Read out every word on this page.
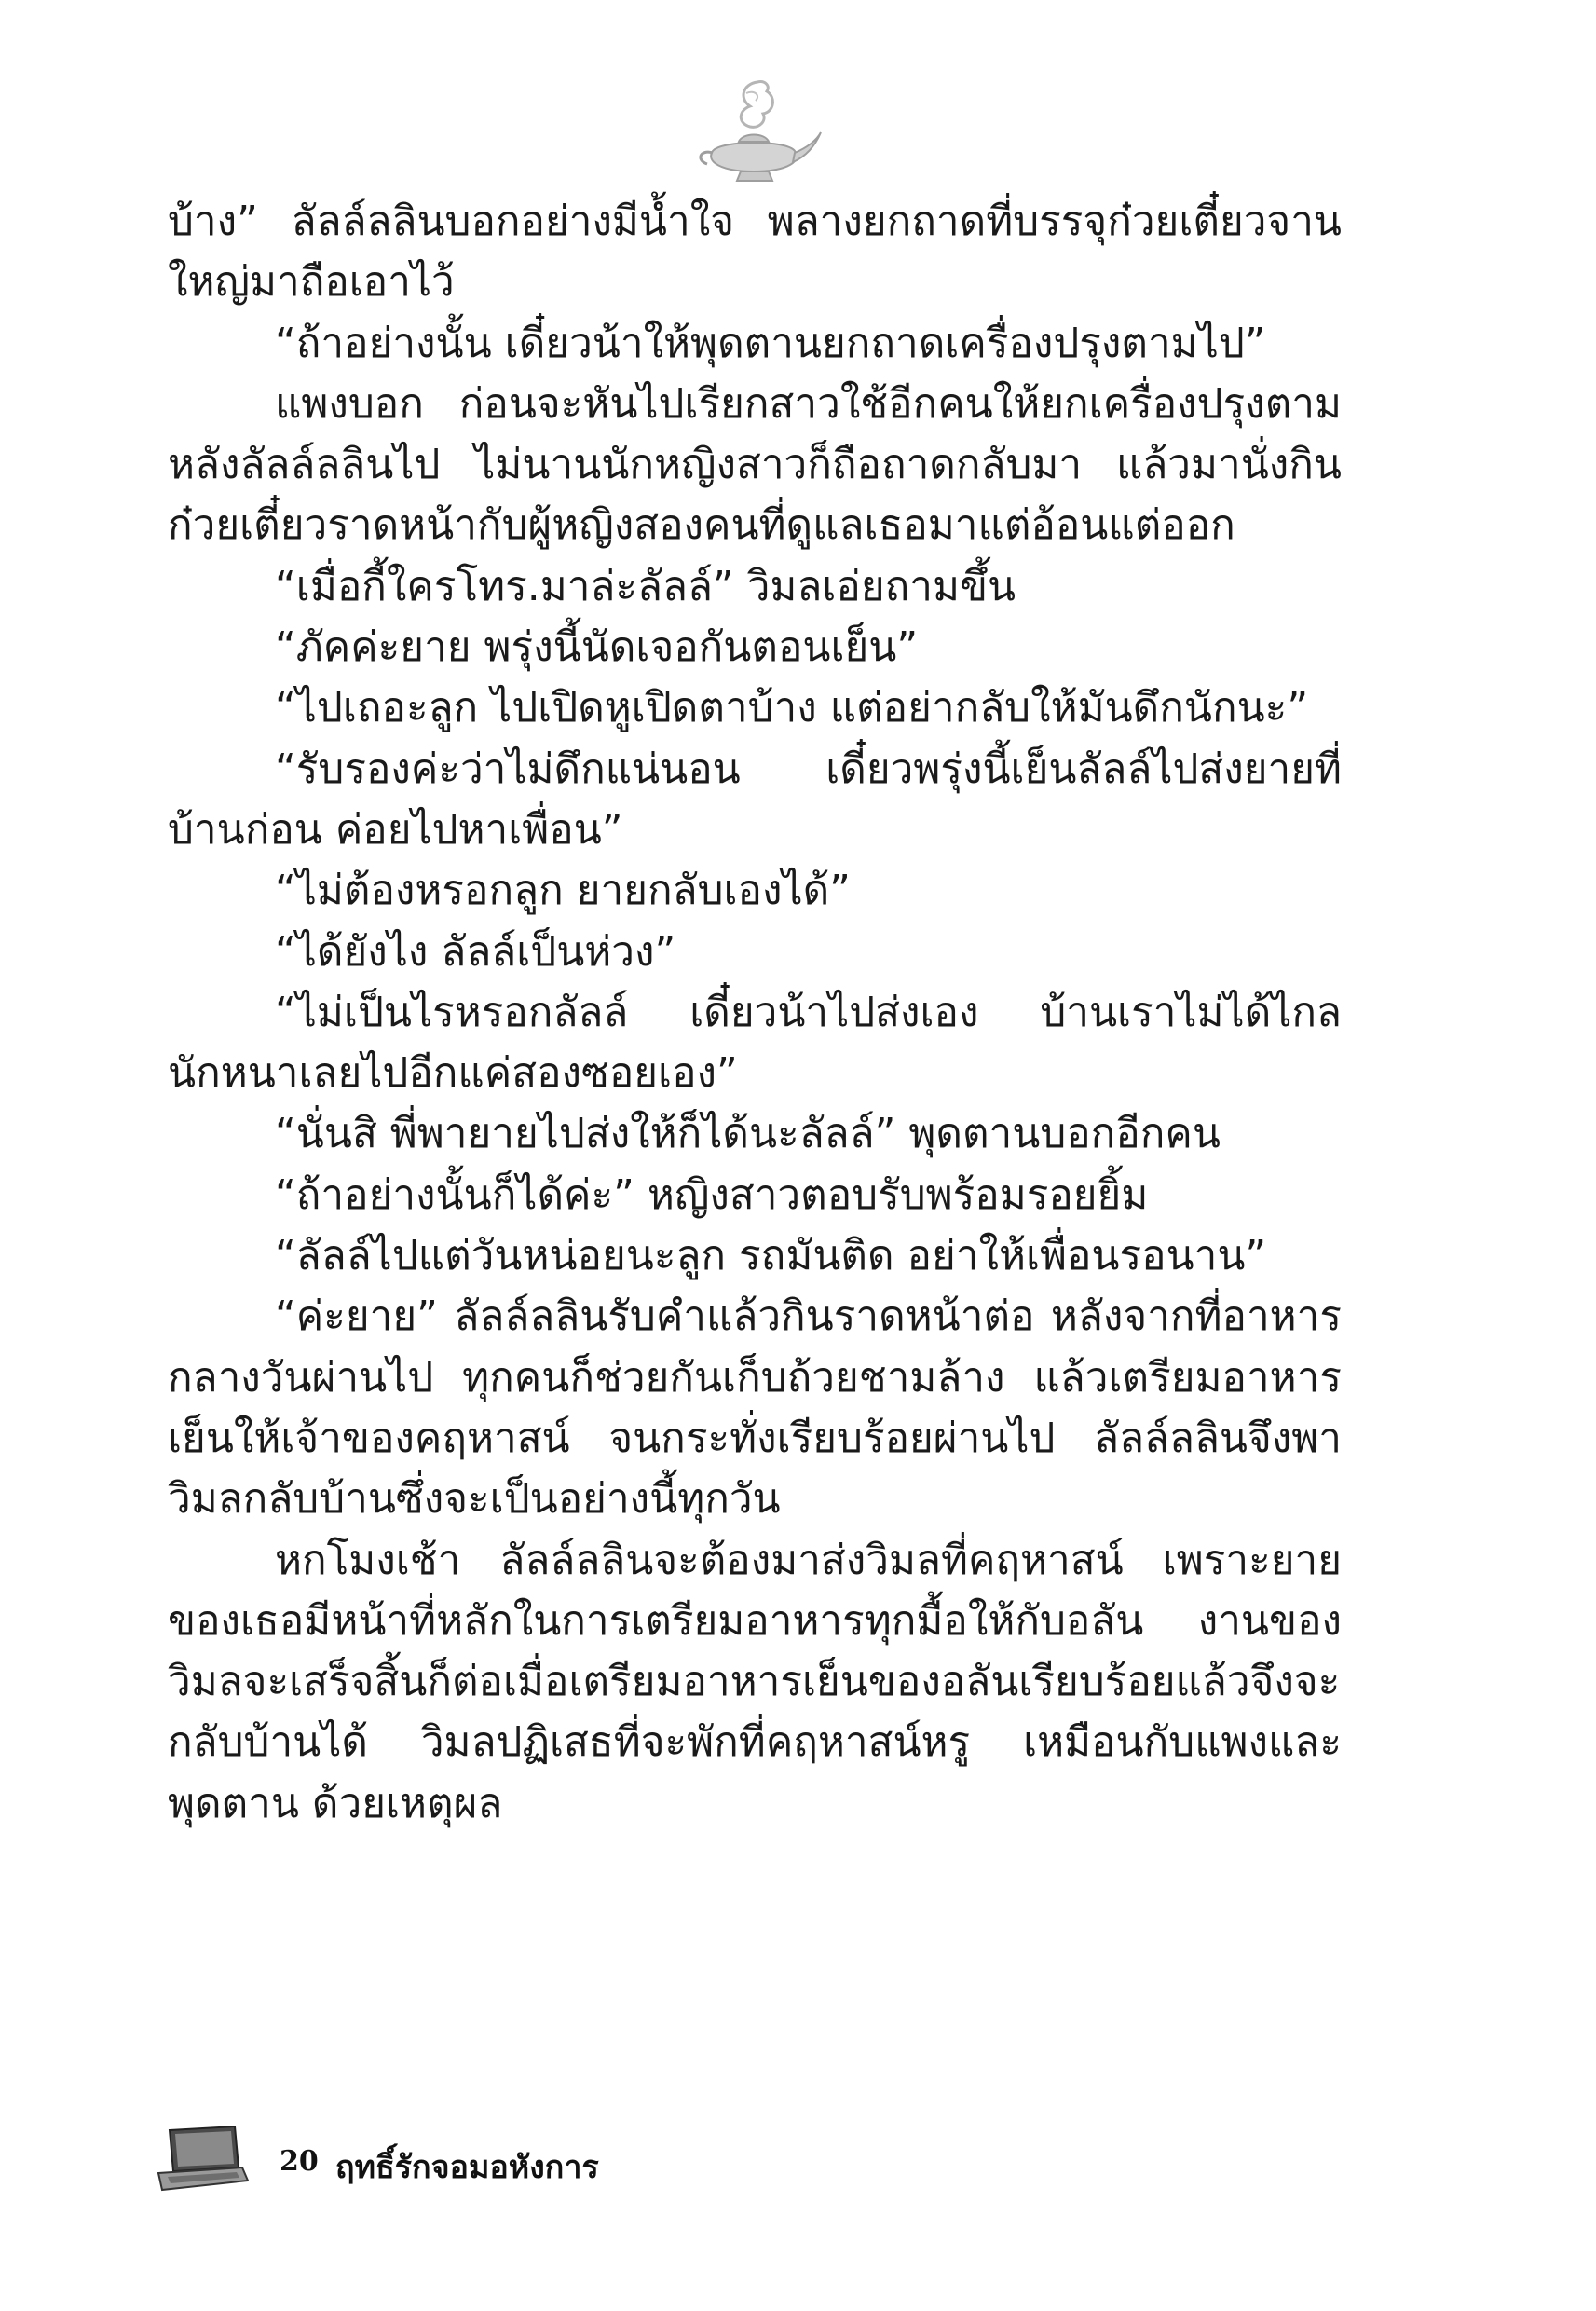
บ้าง” ลัลล์ลลินบอกอย่างมีน้ำใจ พลางยกถาดที่บรรจุก๋วยเตี๋ยวจานใหญ่มาถือเอาไว้

“ถ้าอย่างนั้น เดี๋ยวน้าให้พุดตานยกถาดเครื่องปรุงตามไป”

แพงบอก ก่อนจะหันไปเรียกสาวใช้อีกคนให้ยกเครื่องปรุงตามหลังลัลล์ลลินไป ไม่นานนักหญิงสาวก็ถือถาดกลับมา แล้วมานั่งกินก๋วยเตี๋ยวราดหน้ากับผู้หญิงสองคนที่ดูแลเธอมาแต่อ้อนแต่ออก

“เมื่อกี้ใครโทร.มาล่ะลัลล์” วิมลเอ่ยถามขึ้น

“ภัคค่ะยาย พรุ่งนี้นัดเจอกันตอนเย็น”

“ไปเถอะลูก ไปเปิดหูเปิดตาบ้าง แต่อย่ากลับให้มันดึกนักนะ”

“รับรองค่ะว่าไม่ดึกแน่นอน เดี๋ยวพรุ่งนี้เย็นลัลล์ไปส่งยายที่บ้านก่อน ค่อยไปหาเพื่อน”

“ไม่ต้องหรอกลูก ยายกลับเองได้”

“ได้ยังไง ลัลล์เป็นห่วง”

“ไม่เป็นไรหรอกลัลล์ เดี๋ยวน้าไปส่งเอง บ้านเราไม่ได้ไกลนักหนาเลยไปอีกแค่สองซอยเอง”

“นั่นสิ พี่พายายไปส่งให้ก็ได้นะลัลล์” พุดตานบอกอีกคน

“ถ้าอย่างนั้นก็ได้ค่ะ” หญิงสาวตอบรับพร้อมรอยยิ้ม

“ลัลล์ไปแต่วันหน่อยนะลูก รถมันติด อย่าให้เพื่อนรอนาน”

“ค่ะยาย” ลัลล์ลลินรับคำแล้วกินราดหน้าต่อ หลังจากที่อาหารกลางวันผ่านไป ทุกคนก็ช่วยกันเก็บถ้วยชามล้าง แล้วเตรียมอาหารเย็นให้เจ้าของคฤหาสน์ จนกระทั่งเรียบร้อยผ่านไป ลัลล์ลลินจึงพาวิมลกลับบ้านซึ่งจะเป็นอย่างนี้ทุกวัน

หกโมงเช้า ลัลล์ลลินจะต้องมาส่งวิมลที่คฤหาสน์ เพราะยายของเธอมีหน้าที่หลักในการเตรียมอาหารทุกมื้อให้กับอลัน งานของวิมลจะเสร็จสิ้นก็ต่อเมื่อเตรียมอาหารเย็นของอลันเรียบร้อยแล้วจึงจะกลับบ้านได้ วิมลปฏิเสธที่จะพักที่คฤหาสน์หรู เหมือนกับแพงและพุดตาน ด้วยเหตุผล

20 ฤทธิ์รักจอมอหังการ
